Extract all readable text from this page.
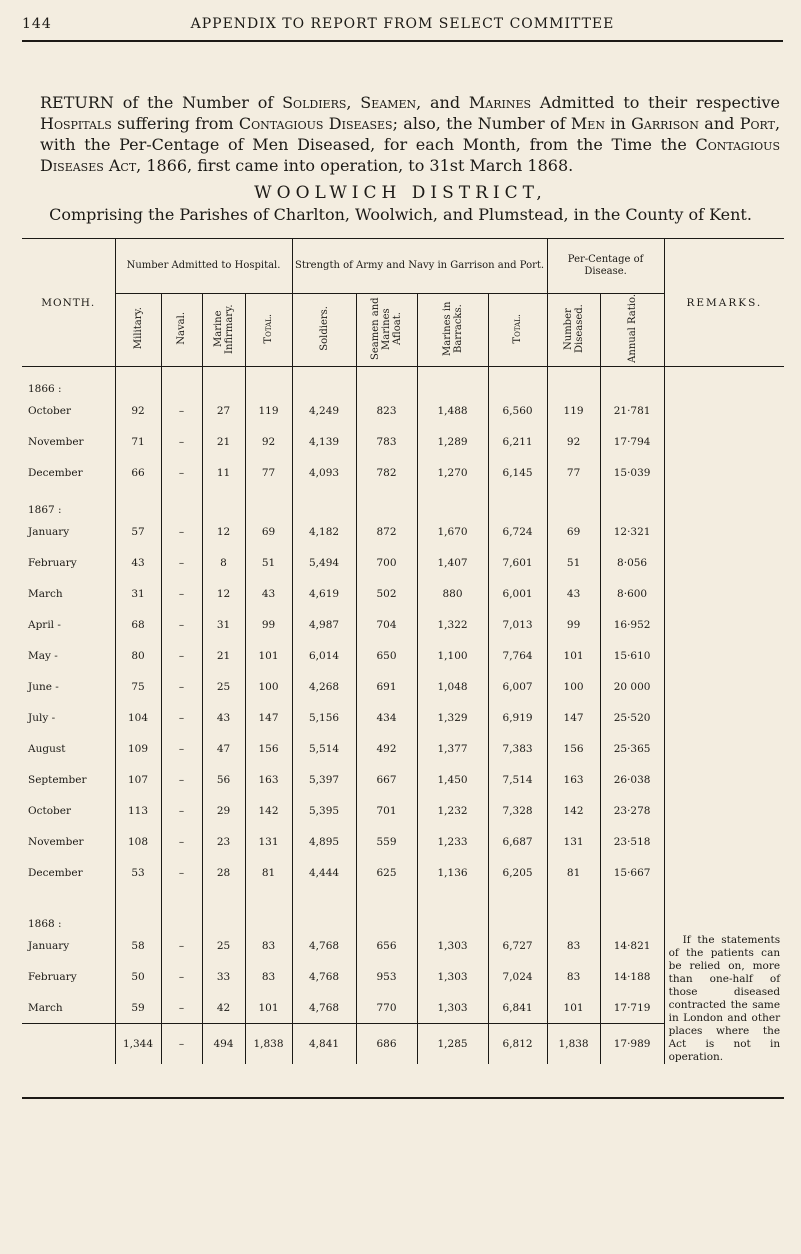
144	APPENDIX TO REPORT FROM SELECT COMMITTEE
RETURN of the Number of Soldiers, Seamen, and Marines Admitted to their respective Hospitals suffering from Contagious Diseases; also, the Number of Men in Garrison and Port, with the Per-Centage of Men Diseased, for each Month, from the Time the Contagious Diseases Act, 1866, first came into operation, to 31st March 1868.
WOOLWICH DISTRICT,
Comprising the Parishes of Charlton, Woolwich, and Plumstead, in the County of Kent.
MONTH.	Number Admitted to Hospital.				Strength of Army and Navy in Garrison and Port.				Per-Centage of Disease.		REMARKS.
	Military.	Naval.	Marine Infirmary.	Total.	Soldiers.	Seamen and Marines Afloat.	Marines in Barracks.	Total.	Number Diseased.	Annual Ratio.	
1866 :											If the statements of the patients can be relied on, more than one-half of those diseased contracted the same in London and other places where the Act is not in operation.

October	92	–	27	119	4,249	823	1,488	6,560	119	21·781	
November	71	–	21	92	4,139	783	1,289	6,211	92	17·794	
December	66	–	11	77	4,093	782	1,270	6,145	77	15·039	
1867 :											
January	57	–	12	69	4,182	872	1,670	6,724	69	12·321	
February	43	–	8	51	5,494	700	1,407	7,601	51	8·056	
March	31	–	12	43	4,619	502	880	6,001	43	8·600	
April -	68	–	31	99	4,987	704	1,322	7,013	99	16·952	
May -	80	–	21	101	6,014	650	1,100	7,764	101	15·610	
June -	75	–	25	100	4,268	691	1,048	6,007	100	20 000	
July -	104	–	43	147	5,156	434	1,329	6,919	147	25·520	
August	109	–	47	156	5,514	492	1,377	7,383	156	25·365	
September	107	–	56	163	5,397	667	1,450	7,514	163	26·038	
October	113	–	29	142	5,395	701	1,232	7,328	142	23·278	
November	108	–	23	131	4,895	559	1,233	6,687	131	23·518	
December	53	–	28	81	4,444	625	1,136	6,205	81	15·667	
1868 :											
January	58	–	25	83	4,768	656	1,303	6,727	83	14·821	
February	50	–	33	83	4,768	953	1,303	7,024	83	14·188	
March	59	–	42	101	4,768	770	1,303	6,841	101	17·719	
	1,344	–	494	1,838	4,841	686	1,285	6,812	1,838	17·989	
